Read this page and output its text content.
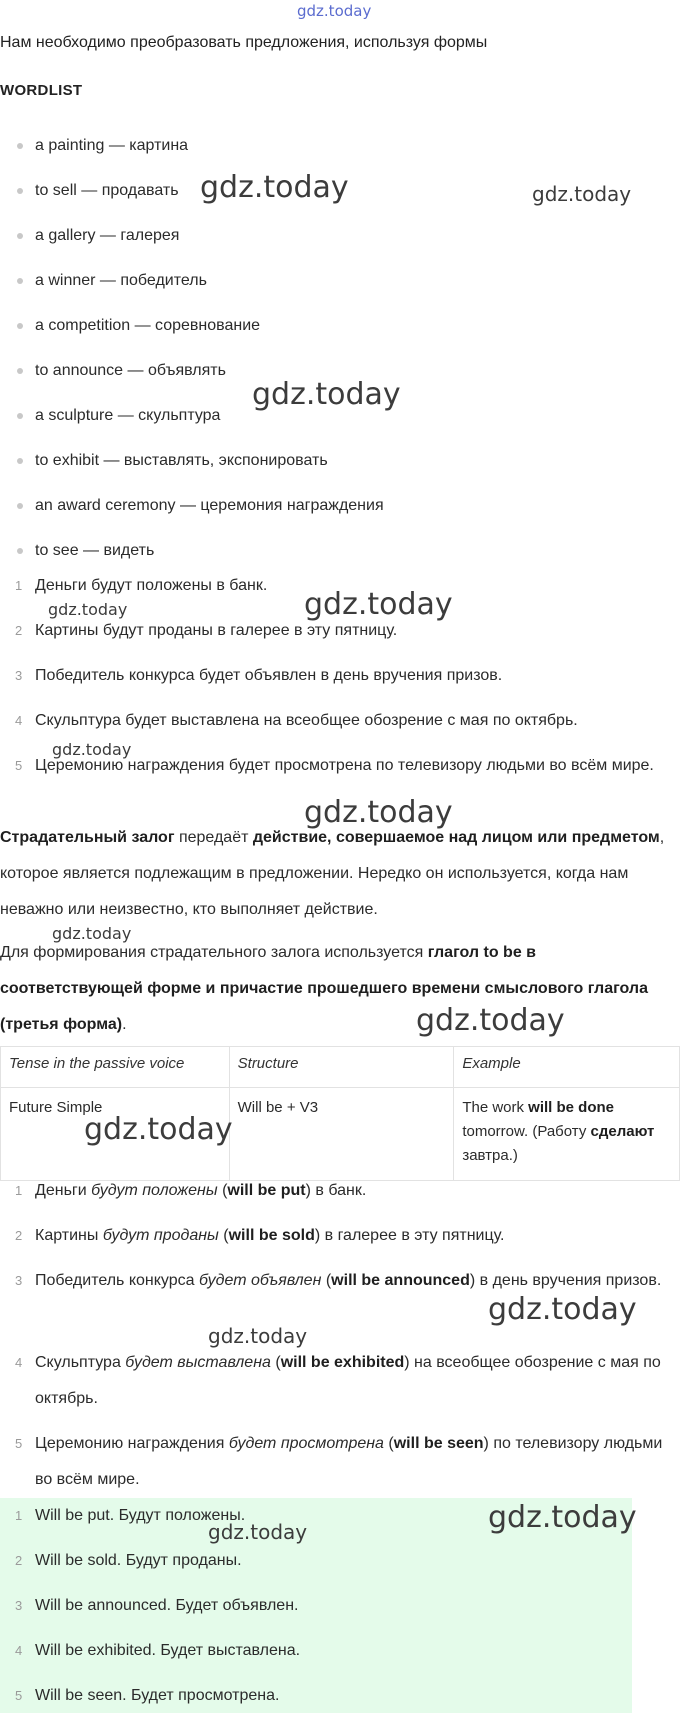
gdz.today
Нам необходимо преобразовать предложения, используя формы
WORDLIST
a painting — картина
to sell — продавать
a gallery — галерея
a winner — победитель
a competition — соревнование
to announce — объявлять
a sculpture — скульптура
to exhibit — выставлять, экспонировать
an award ceremony — церемония награждения
to see — видеть
1 Деньги будут положены в банк.
2 Картины будут проданы в галерее в эту пятницу.
3 Победитель конкурса будет объявлен в день вручения призов.
4 Скульптура будет выставлена на всеобщее обозрение с мая по октябрь.
5 Церемонию награждения будет просмотрена по телевизору людьми во всём мире.
Страдательный залог передаёт действие, совершаемое над лицом или предметом, которое является подлежащим в предложении. Нередко он используется, когда нам неважно или неизвестно, кто выполняет действие.
Для формирования страдательного залога используется глагол to be в соответствующей форме и причастие прошедшего времени смыслового глагола (третья форма).
Tense in the passive voice	Structure	Example
Future Simple	Will be + V3	The work will be done tomorrow. (Работу сделают завтра.)
1 Деньги будут положены (will be put) в банк.
2 Картины будут проданы (will be sold) в галерее в эту пятницу.
3 Победитель конкурса будет объявлен (will be announced) в день вручения призов.
4 Скульптура будет выставлена (will be exhibited) на всеобщее обозрение с мая по октябрь.
5 Церемонию награждения будет просмотрена (will be seen) по телевизору людьми во всём мире.
1 Will be put. Будут положены.
2 Will be sold. Будут проданы.
3 Will be announced. Будет объявлен.
4 Will be exhibited. Будет выставлена.
5 Will be seen. Будет просмотрена.
gdz.today	gdz.today
gdz.today
gdz.today
gdz.today
gdz.today
gdz.today
gdz.today
gdz.today
gdz.today
gdz.today
gdz.today
gdz.today
gdz.today
